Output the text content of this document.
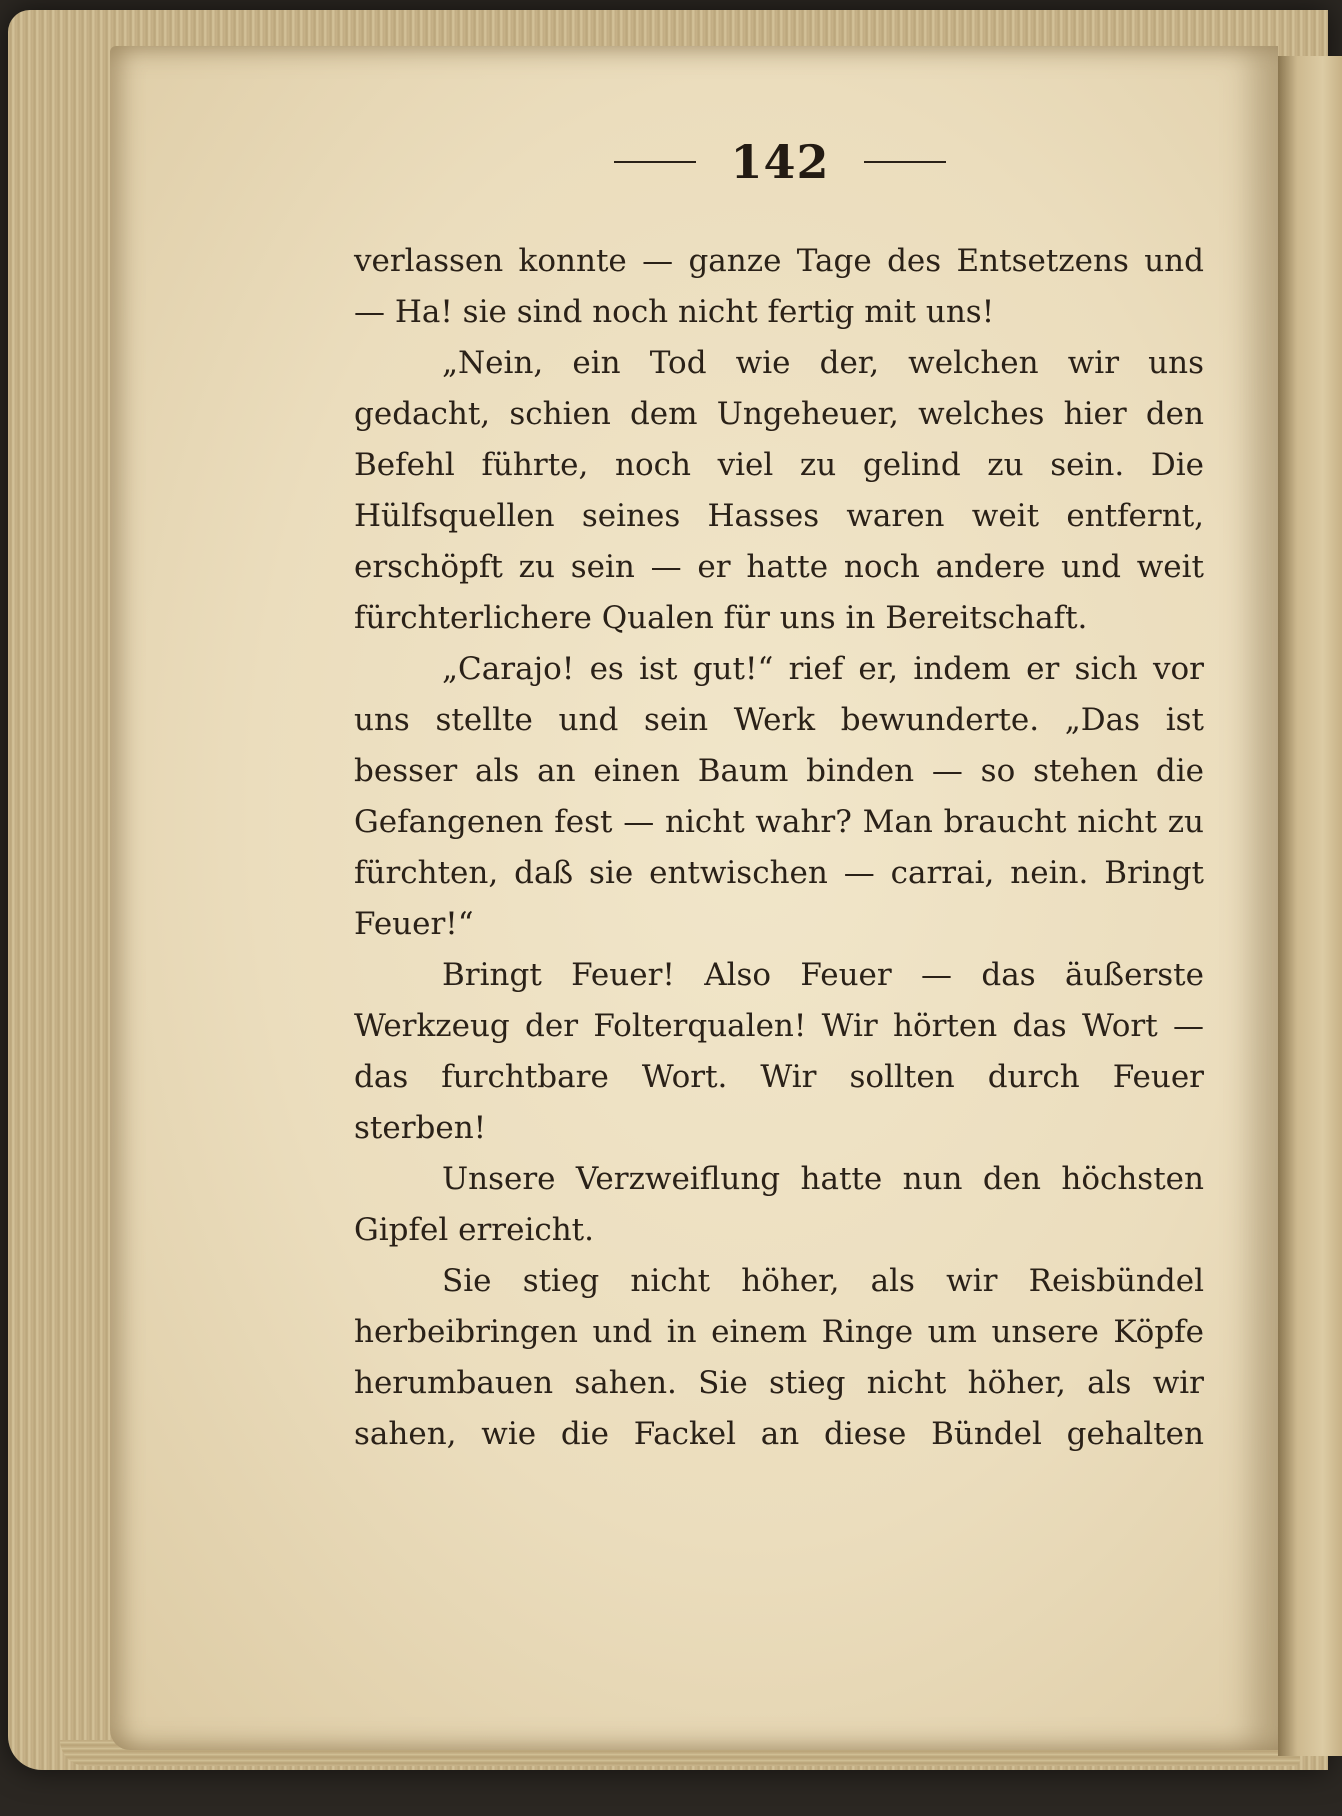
142

verlassen konnte — ganze Tage des Entsetzens und — Ha! sie sind noch nicht fertig mit uns!

„Nein, ein Tod wie der, welchen wir uns gedacht, schien dem Ungeheuer, welches hier den Befehl führte, noch viel zu gelind zu sein. Die Hülfsquellen seines Hasses waren weit entfernt, erschöpft zu sein — er hatte noch andere und weit fürchterlichere Qualen für uns in Bereitschaft.

„Carajo! es ist gut!“ rief er, indem er sich vor uns stellte und sein Werk bewunderte. „Das ist besser als an einen Baum binden — so stehen die Gefangenen fest — nicht wahr? Man braucht nicht zu fürchten, daß sie entwischen — carrai, nein. Bringt Feuer!“

Bringt Feuer! Also Feuer — das äußerste Werkzeug der Folterqualen! Wir hörten das Wort — das furchtbare Wort. Wir sollten durch Feuer sterben!

Unsere Verzweiflung hatte nun den höchsten Gipfel erreicht.

Sie stieg nicht höher, als wir Reisbündel herbeibringen und in einem Ringe um unsere Köpfe herumbauen sahen. Sie stieg nicht höher, als wir sahen, wie die Fackel an diese Bündel gehalten
